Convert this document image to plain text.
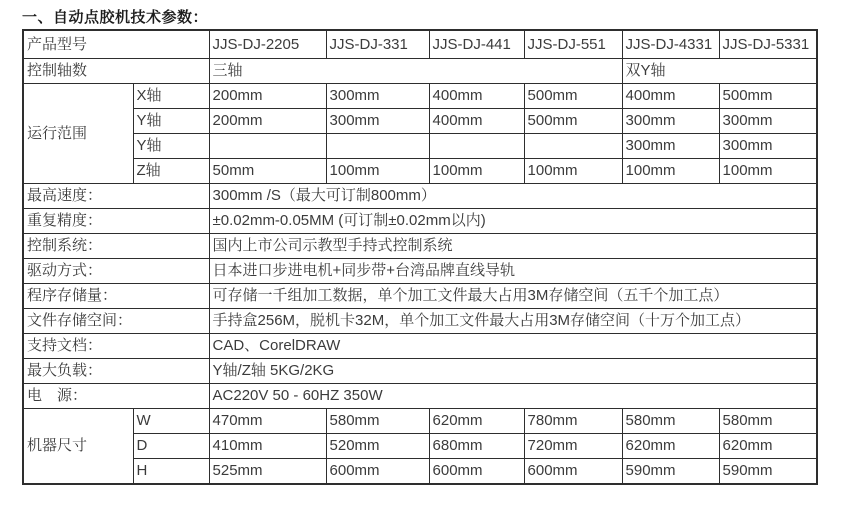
一、自动点胶机技术参数：
产品型号		JJS-DJ-2205	JJS-DJ-331	JJS-DJ-441	JJS-DJ-551	JJS-DJ-4331	JJS-DJ-5331
控制轴数		三轴				双Y轴	
运行范围	X轴	200mm	300mm	400mm	500mm	400mm	500mm
	Y轴	200mm	300mm	400mm	500mm	300mm	300mm
	Y轴					300mm	300mm
	Z轴	50mm	100mm	100mm	100mm	100mm	100mm
最高速度：		300mm /S（最大可订制800mm）					
重复精度：		±0.02mm-0.05MM (可订制±0.02mm以内)					
控制系统：		国内上市公司示教型手持式控制系统					
驱动方式：		日本进口步进电机+同步带+台湾品牌直线导轨					
程序存储量：		可存储一千组加工数据，单个加工文件最大占用3M存储空间（五千个加工点）					
文件存储空间：		手持盒256M，脱机卡32M，单个加工文件最大占用3M存储空间（十万个加工点）					
支持文档：		CAD、CorelDRAW					
最大负载：		Y轴/Z轴 5KG/2KG					
电　源：		AC220V 50 - 60HZ 350W					
机器尺寸	W	470mm	580mm	620mm	780mm	580mm	580mm
	D	410mm	520mm	680mm	720mm	620mm	620mm
	H	525mm	600mm	600mm	600mm	590mm	590mm
